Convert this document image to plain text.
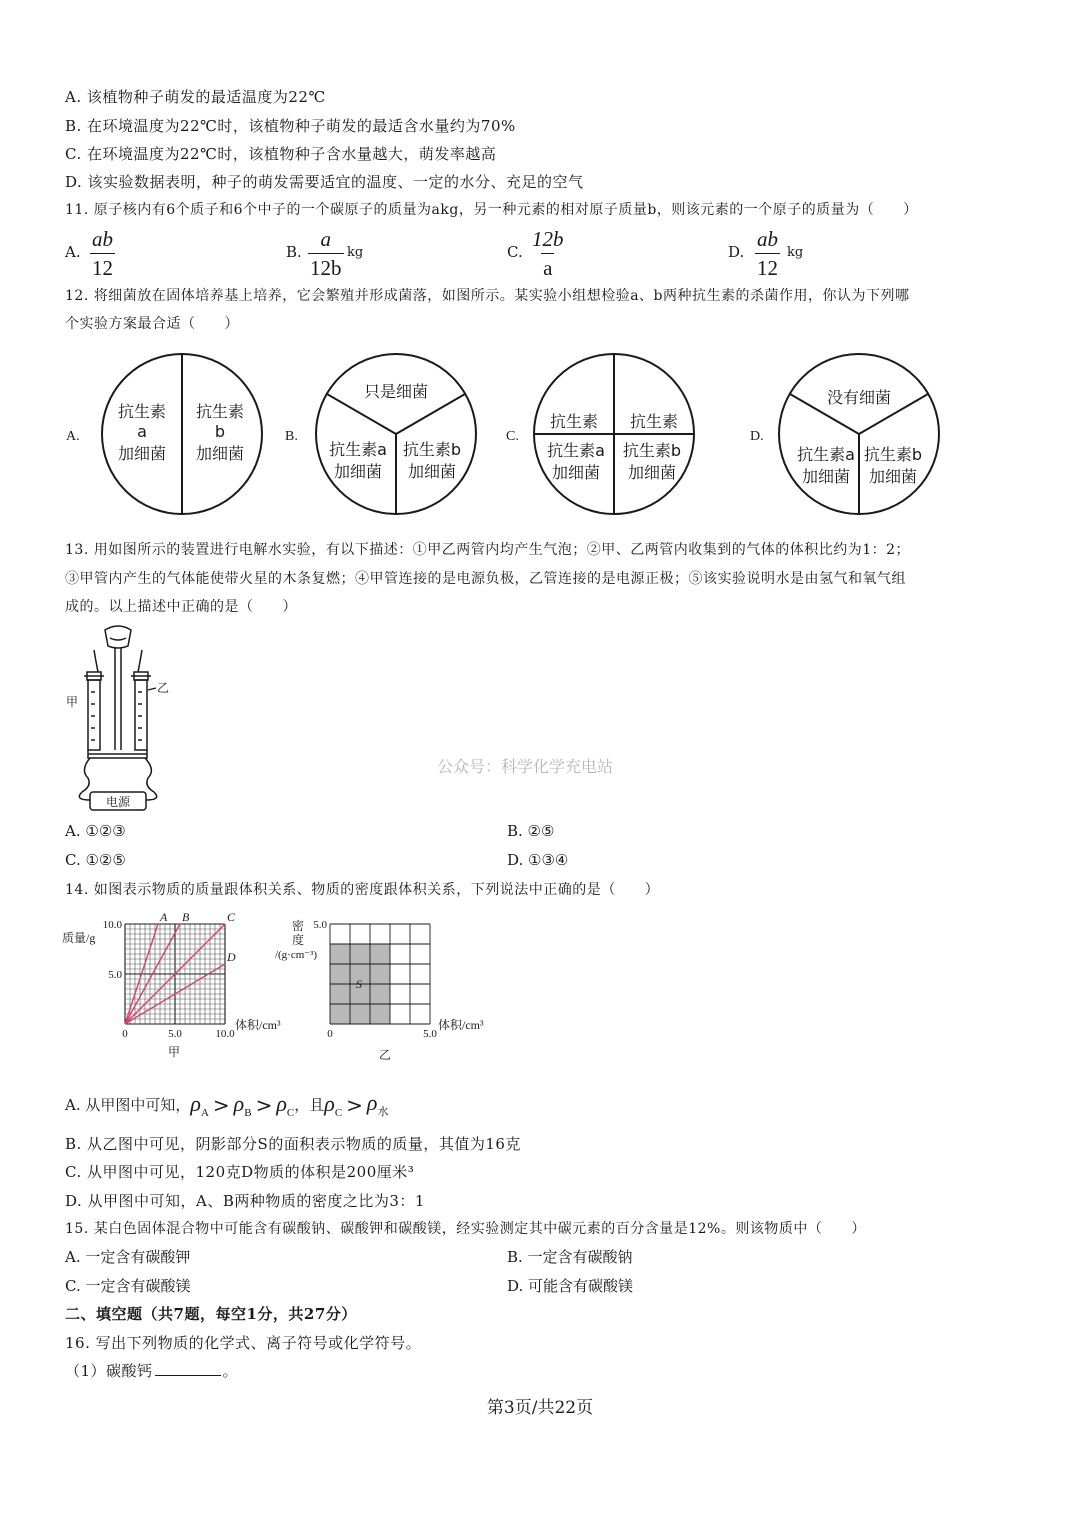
A. 该植物种子萌发的最适温度为22℃
B. 在环境温度为22℃时，该植物种子萌发的最适含水量约为70%
C. 在环境温度为22℃时，该植物种子含水量越大，萌发率越高
D. 该实验数据表明，种子的萌发需要适宜的温度、一定的水分、充足的空气
11. 原子核内有6个质子和6个中子的一个碳原子的质量为akg，另一种元素的相对原子质量b，则该元素的一个原子的质量为（　　）
A. $\frac{ab}{12}$	B. $\frac{a}{12b}$ kg	C. $\frac{12b}{a}$	D. $\frac{ab}{12}$ kg
12. 将细菌放在固体培养基上培养，它会繁殖并形成菌落，如图所示。某实验小组想检验a、b两种抗生素的杀菌作用，你认为下列哪
个实验方案最合适（　　）
A.
抗生素
a
加细菌
抗生素
b
加细菌
B.
只是细菌
抗生素a
加细菌
抗生素b
加细菌
C.
抗生素 抗生素
抗生素a
加细菌
抗生素b
加细菌
D.
没有细菌
抗生素a
加细菌
抗生素b
加细菌
13. 用如图所示的装置进行电解水实验，有以下描述：①甲乙两管内均产生气泡；②甲、乙两管内收集到的气体的体积比约为1：2；
③甲管内产生的气体能使带火星的木条复燃；④甲管连接的是电源负极，乙管连接的是电源正极；⑤该实验说明水是由氢气和氧气组
成的。以上描述中正确的是（　　）
电源
甲
乙
公众号：科学化学充电站
A. ①②③	B. ②⑤
C. ①②⑤	D. ①③④
14. 如图表示物质的质量跟体积关系、物质的密度跟体积关系，下列说法中正确的是（　　）
质量/g
体积/cm³
甲
0	5.0	10.0
5.0
10.0
A B	C
D
密
度
/(g·cm⁻³)
体积/cm³
乙
0	5.0
5.0
S
A. 从甲图中可知， $\rho_A > \rho_B > \rho_C$ ，且 $\rho_C > \rho_水$
B. 从乙图中可见，阴影部分S的面积表示物质的质量，其值为16克
C. 从甲图中可见，120克D物质的体积是200厘米³
D. 从甲图中可知，A、B两种物质的密度之比为3：1
15. 某白色固体混合物中可能含有碳酸钠、碳酸钾和碳酸镁，经实验测定其中碳元素的百分含量是12%。则该物质中（　　）
A. 一定含有碳酸钾	B. 一定含有碳酸钠
C. 一定含有碳酸镁	D. 可能含有碳酸镁
二、填空题（共7题，每空1分，共27分）
16. 写出下列物质的化学式、离子符号或化学符号。
（1）碳酸钙	。
第3页/共22页
